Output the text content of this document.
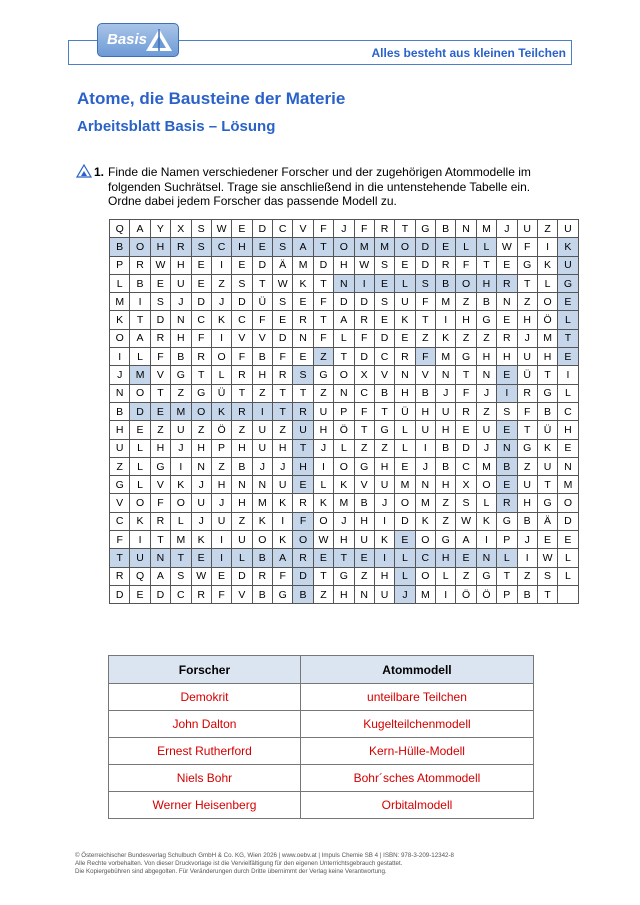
Basis
Alles besteht aus kleinen Teilchen
Atome, die Bausteine der Materie
Arbeitsblatt Basis – Lösung
1. Finde die Namen verschiedener Forscher und der zugehörigen Atommodelle im folgenden Suchrätsel. Trage sie anschließend in die untenstehende Tabelle ein. Ordne dabei jedem Forscher das passende Modell zu.
Q	A	Y	X	S	W	E	D	C	V	F	J	F	R	T	G	B	N	M	J	U	Z	U
B	O	H	R	S	C	H	E	S	A	T	O	M	M	O	D	E	L	L	W	F	I	K
P	R	W	H	E	I	E	D	Ä	M	D	H	W	S	E	D	R	F	T	E	G	K	U
L	B	E	U	E	Z	S	T	W	K	T	N	I	E	L	S	B	O	H	R	T	L	G
M	I	S	J	D	J	D	Ü	S	E	F	D	D	S	U	F	M	Z	B	N	Z	O	E
K	T	D	N	C	K	C	F	E	R	T	A	R	E	K	T	I	H	G	E	H	Ö	L
O	A	R	H	F	I	V	V	D	N	F	L	F	D	E	Z	K	Z	Z	R	J	M	T
I	L	F	B	R	O	F	B	F	E	Z	T	D	C	R	F	M	G	H	H	U	H	E
J	M	V	G	T	L	R	H	R	S	G	O	X	V	N	V	N	T	N	E	Ü	T	I
N	O	T	Z	G	Ü	T	Z	T	T	Z	N	C	B	H	B	J	F	J	I	R	G	L
B	D	E	M	O	K	R	I	T	R	U	P	F	T	Ü	H	U	R	Z	S	F	B	C
H	E	Z	U	Z	Ö	Z	U	Z	U	H	Ö	T	G	L	U	H	E	U	E	T	Ü	H
U	L	H	J	H	P	H	U	H	T	J	L	Z	Z	L	I	B	D	J	N	G	K	E
Z	L	G	I	N	Z	B	J	J	H	I	O	G	H	E	J	B	C	M	B	Z	U	N
G	L	V	K	J	H	N	N	U	E	L	K	V	U	M	N	H	X	O	E	U	T	M
V	O	F	O	U	J	H	M	K	R	K	M	B	J	O	M	Z	S	L	R	H	G	O
C	K	R	L	J	U	Z	K	I	F	O	J	H	I	D	K	Z	W	K	G	B	Ä	D
F	I	T	M	K	I	U	O	K	O	W	H	U	K	E	O	G	A	I	P	J	E	E
T	U	N	T	E	I	L	B	A	R	E	T	E	I	L	C	H	E	N	L	I	W	L
R	Q	A	S	W	E	D	R	F	D	T	G	Z	H	L	O	L	Z	G	T	Z	S	L
D	E	D	C	R	F	V	B	G	B	Z	H	N	U	J	M	I	Ö	Ö	P	B	T	
Forscher	Atommodell
Demokrit	unteilbare Teilchen
John Dalton	Kugelteilchenmodell
Ernest Rutherford	Kern-Hülle-Modell
Niels Bohr	Bohr´sches Atommodell
Werner Heisenberg	Orbitalmodell
© Österreichischer Bundesverlag Schulbuch GmbH & Co. KG, Wien 2026 | www.oebv.at | Impuls Chemie SB 4 | ISBN: 978-3-209-12342-8
Alle Rechte vorbehalten. Von dieser Druckvorlage ist die Vervielfältigung für den eigenen Unterrichtsgebrauch gestattet.
Die Kopiergebühren sind abgegolten. Für Veränderungen durch Dritte übernimmt der Verlag keine Verantwortung.
